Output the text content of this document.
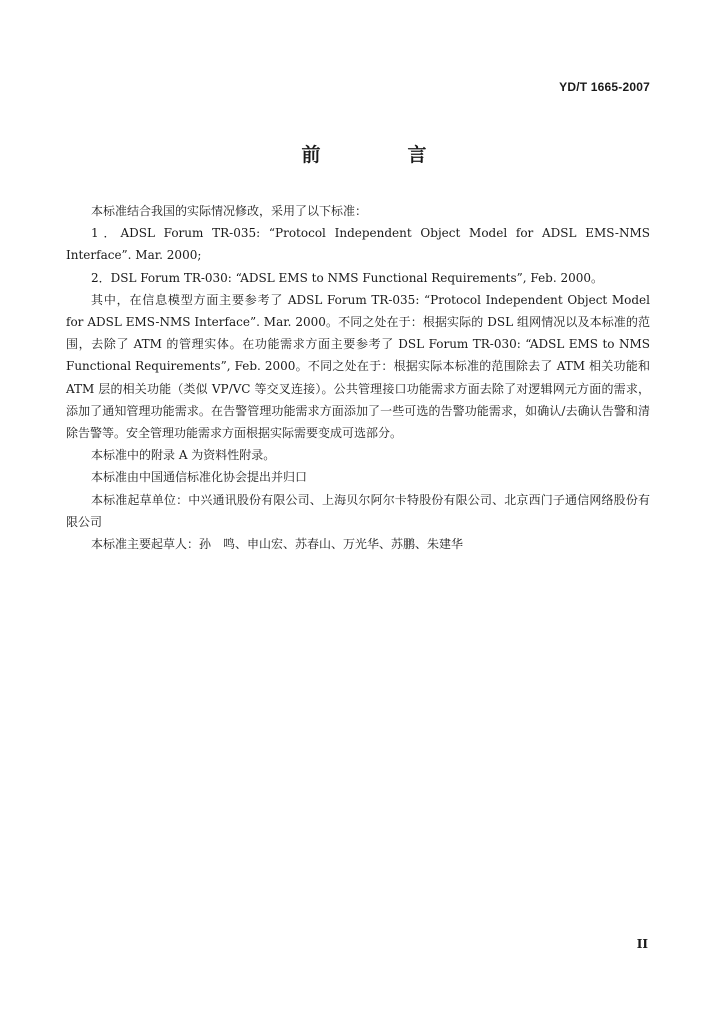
YD/T 1665-2007
前　言

本标准结合我国的实际情况修改，采用了以下标准：

1．ADSL Forum TR-035: “Protocol Independent Object Model for ADSL EMS-NMS Interface”. Mar. 2000;

2．DSL Forum TR-030: “ADSL EMS to NMS Functional Requirements”, Feb. 2000。

其中，在信息模型方面主要参考了 ADSL Forum TR-035: “Protocol Independent Object Model for ADSL EMS-NMS Interface”. Mar. 2000。不同之处在于：根据实际的 DSL 组网情况以及本标准的范围，去除了 ATM 的管理实体。在功能需求方面主要参考了 DSL Forum TR-030: “ADSL EMS to NMS Functional Requirements”, Feb. 2000。不同之处在于：根据实际本标准的范围除去了 ATM 相关功能和 ATM 层的相关功能（类似 VP/VC 等交叉连接）。公共管理接口功能需求方面去除了对逻辑网元方面的需求，添加了通知管理功能需求。在告警管理功能需求方面添加了一些可选的告警功能需求，如确认/去确认告警和清除告警等。安全管理功能需求方面根据实际需要变成可选部分。

本标准中的附录 A 为资料性附录。

本标准由中国通信标准化协会提出并归口

本标准起草单位：中兴通讯股份有限公司、上海贝尔阿尔卡特股份有限公司、北京西门子通信网络股份有限公司

本标准主要起草人：孙　鸣、申山宏、苏春山、万光华、苏鹏、朱建华

II
